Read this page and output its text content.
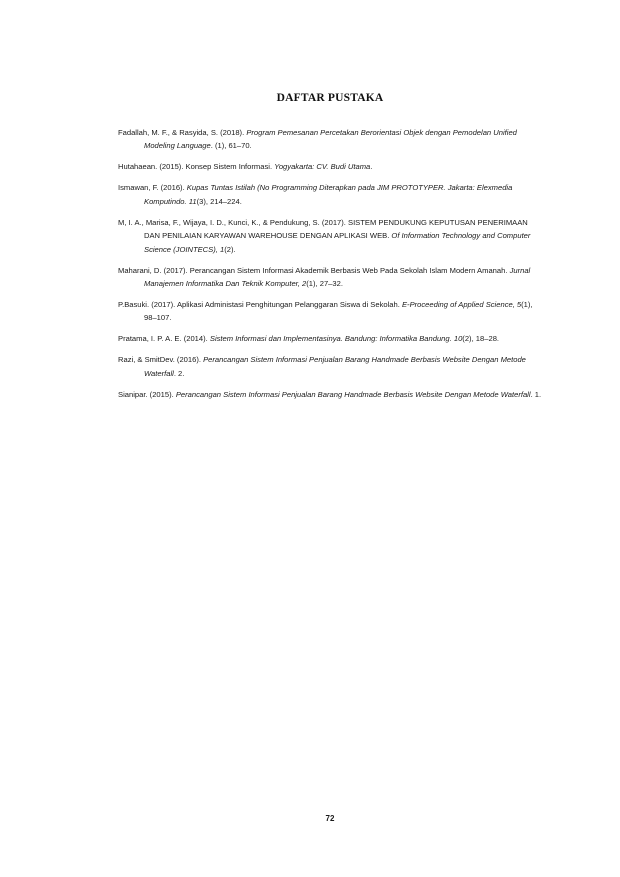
DAFTAR PUSTAKA

Fadallah, M. F., & Rasyida, S. (2018). Program Pemesanan Percetakan Berorientasi Objek dengan Pemodelan Unified Modeling Language. (1), 61–70.

Hutahaean. (2015). Konsep Sistem Informasi. Yogyakarta: CV. Budi Utama.

Ismawan, F. (2016). Kupas Tuntas Istilah (No Programming Diterapkan pada JIM PROTOTYPER. Jakarta: Elexmedia Komputindo. 11(3), 214–224.

M, I. A., Marisa, F., Wijaya, I. D., Kunci, K., & Pendukung, S. (2017). SISTEM PENDUKUNG KEPUTUSAN PENERIMAAN DAN PENILAIAN KARYAWAN WAREHOUSE DENGAN APLIKASI WEB. Of Information Technology and Computer Science (JOINTECS), 1(2).

Maharani, D. (2017). Perancangan Sistem Informasi Akademik Berbasis Web Pada Sekolah Islam Modern Amanah. Jurnal Manajemen Informatika Dan Teknik Komputer, 2(1), 27–32.

P.Basuki. (2017). Aplikasi Administasi Penghitungan Pelanggaran Siswa di Sekolah. E-Proceeding of Applied Science, 5(1), 98–107.

Pratama, I. P. A. E. (2014). Sistem Informasi dan Implementasinya. Bandung: Informatika Bandung. 10(2), 18–28.

Razi, & SmitDev. (2016). Perancangan Sistem Informasi Penjualan Barang Handmade Berbasis Website Dengan Metode Waterfall. 2.

Sianipar. (2015). Perancangan Sistem Informasi Penjualan Barang Handmade Berbasis Website Dengan Metode Waterfall. 1.

72
